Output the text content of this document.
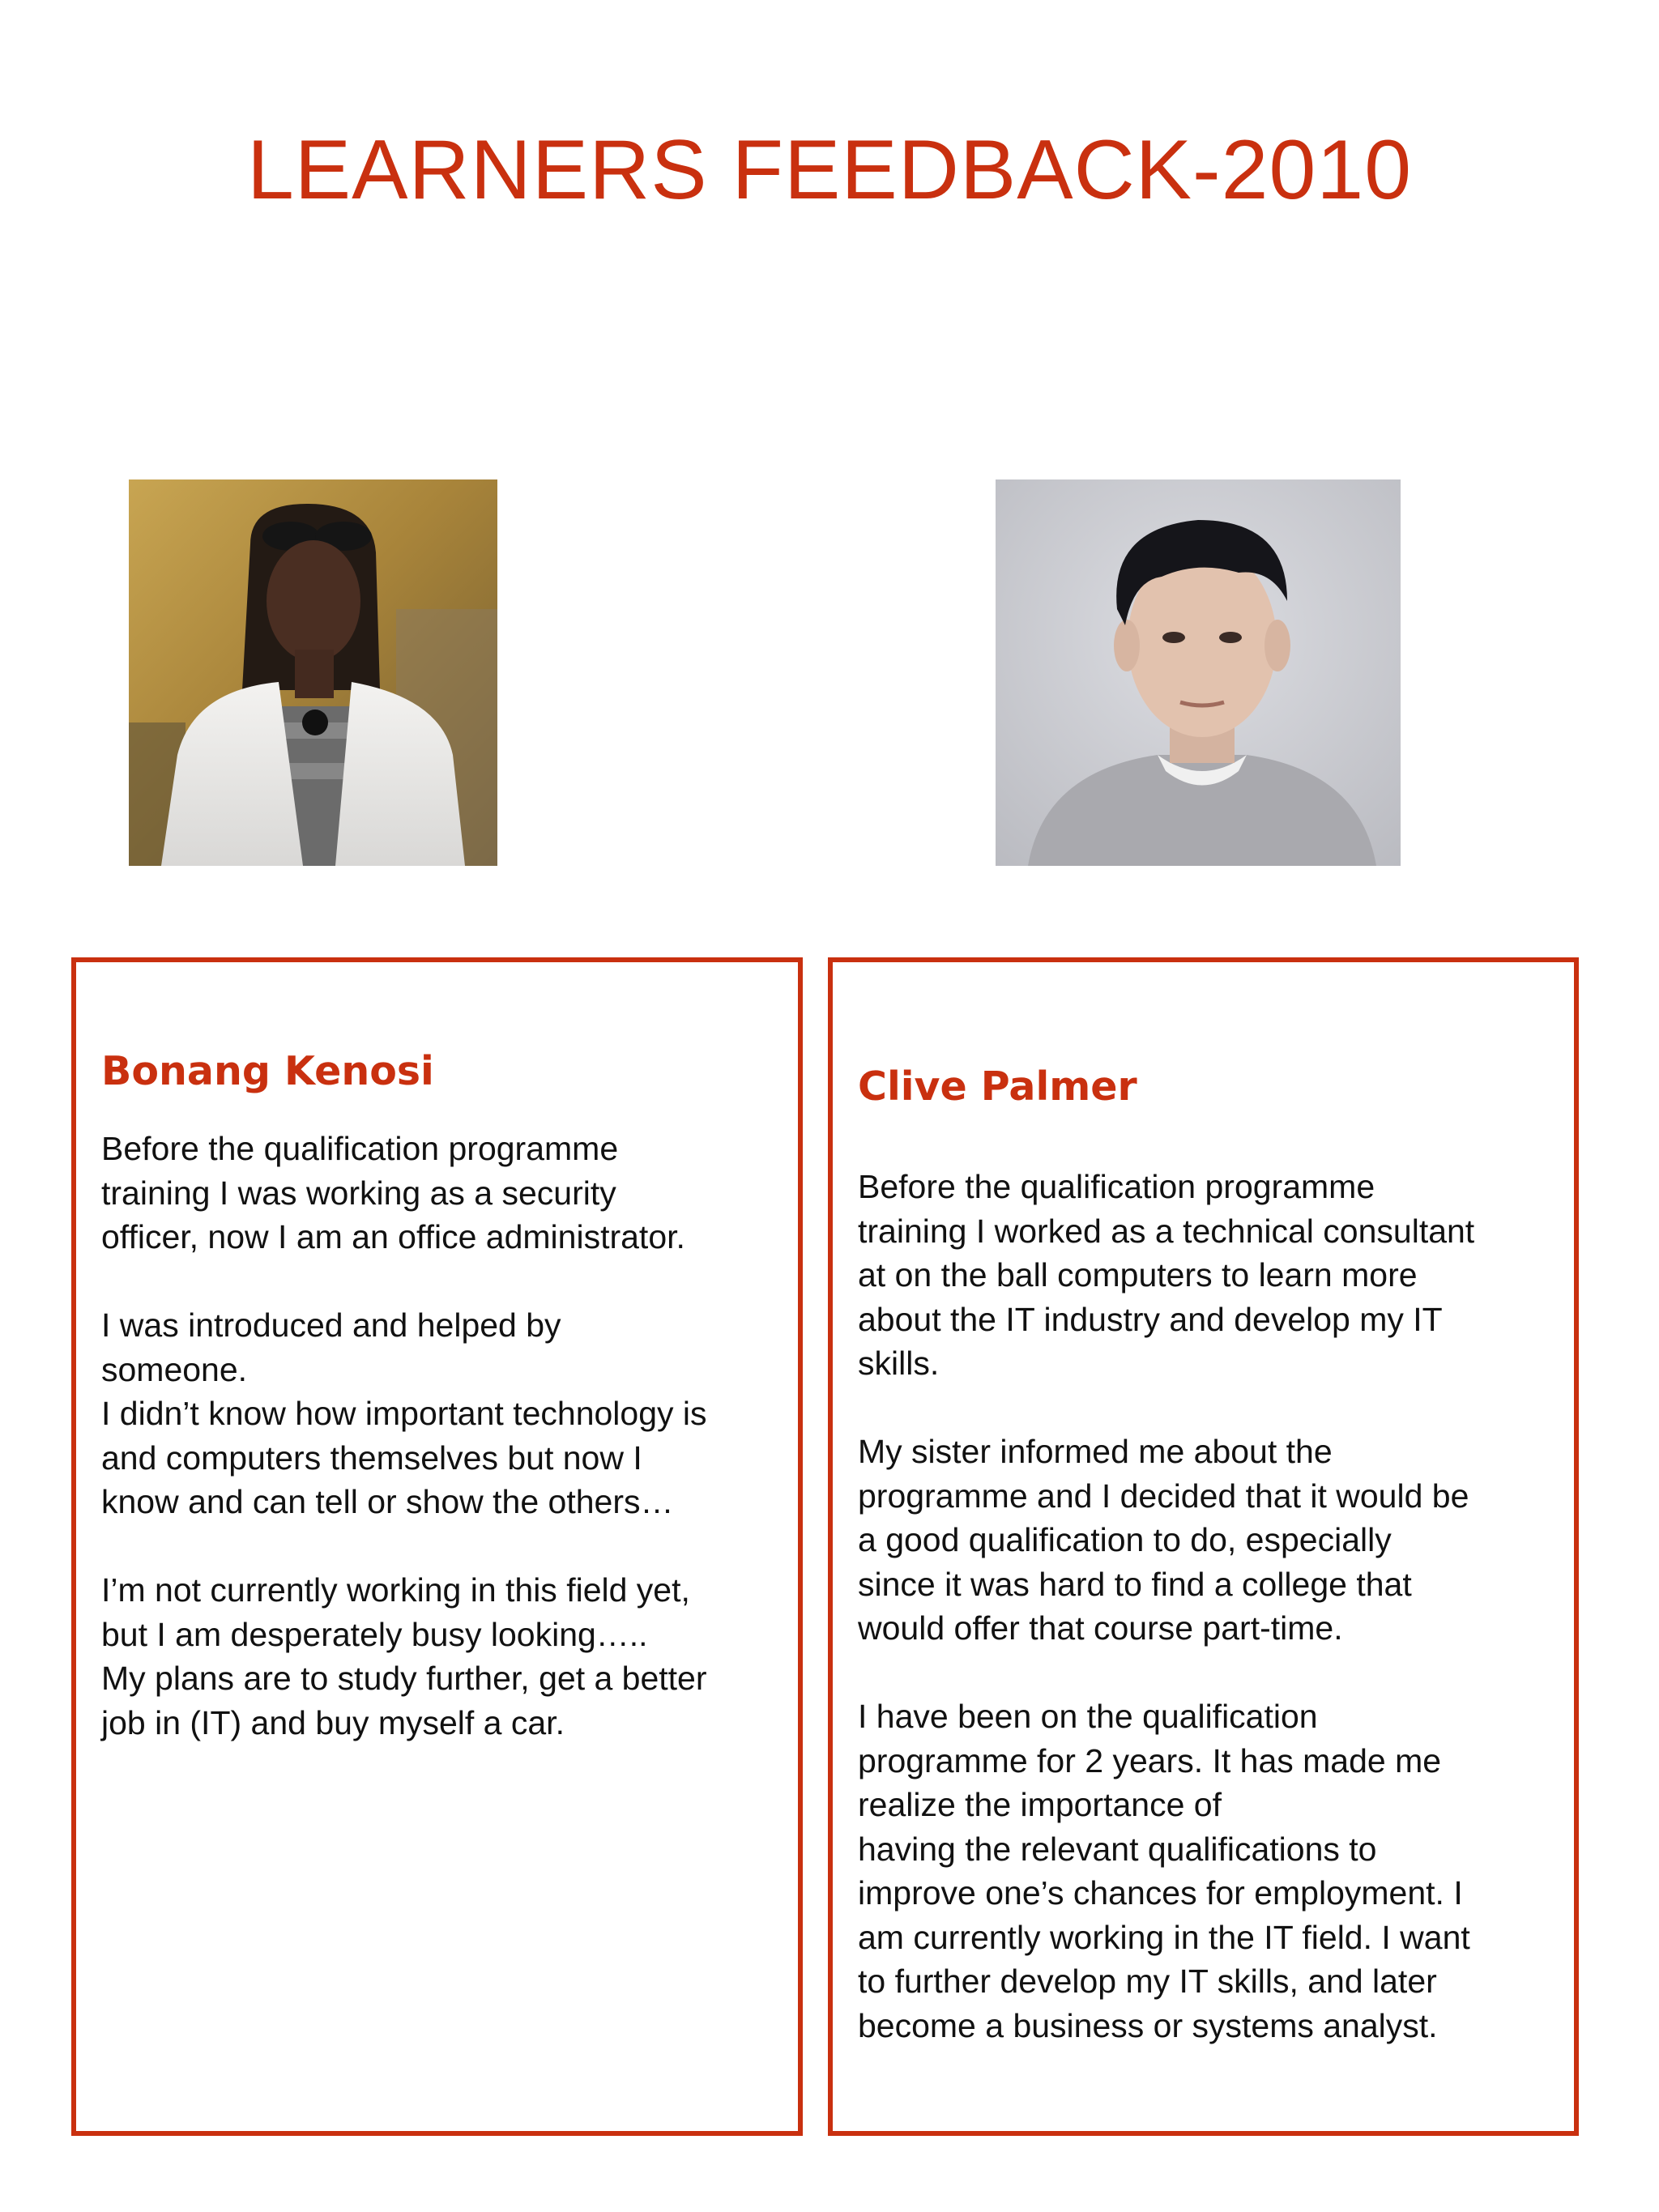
LEARNERS FEEDBACK-2010
Bonang Kenosi
Before the qualification programme
training I was working as a security
officer, now I am an office administrator.
I was introduced and helped by
someone.
I didn’t know how important technology is
and computers themselves but now I
know and can tell or show the others…
I’m not currently working in this field yet,
but I am desperately busy looking…..
My plans are to study further, get a better
job in (IT) and buy myself a car.
Clive Palmer
Before the qualification programme
training I worked as a technical consultant
at on the ball computers to learn more
about the IT industry and develop my IT
skills.
My sister informed me about the
programme and I decided that it would be
a good qualification to do, especially
since it was hard to find a college that
would offer that course part-time.
I have been on the qualification
programme for 2 years. It has made me
realize the importance of
having the relevant qualifications to
improve one’s chances for employment. I
am currently working in the IT field. I want
to further develop my IT skills, and later
become a business or systems analyst.
